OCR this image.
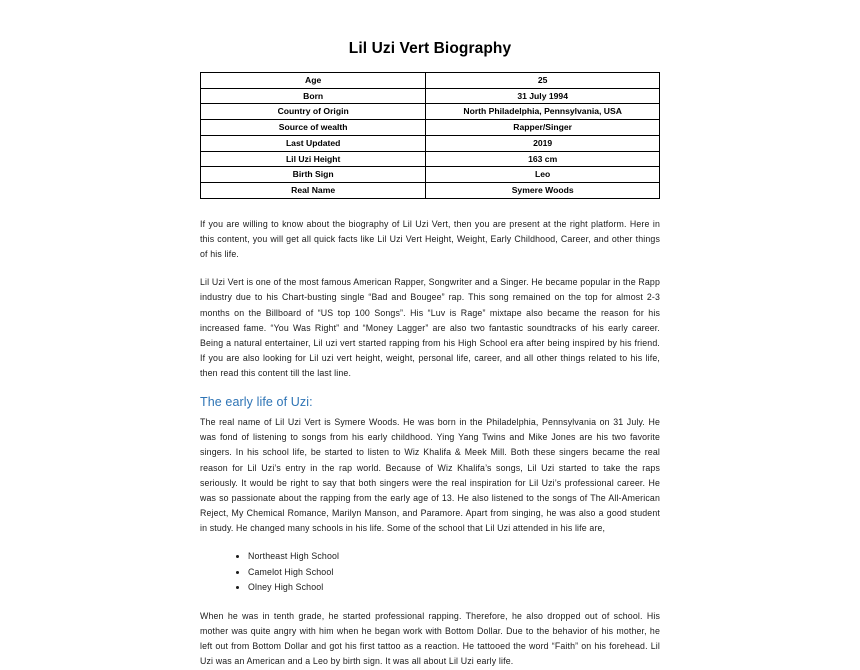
Lil Uzi Vert Biography
Age	25
Born	31 July 1994
Country of Origin	North Philadelphia, Pennsylvania, USA
Source of wealth	Rapper/Singer
Last Updated	2019
Lil Uzi Height	163 cm
Birth Sign	Leo
Real Name	Symere Woods

If you are willing to know about the biography of Lil Uzi Vert, then you are present at the right platform. Here in this content, you will get all quick facts like Lil Uzi Vert Height, Weight, Early Childhood, Career, and other things of his life.

Lil Uzi Vert is one of the most famous American Rapper, Songwriter and a Singer. He became popular in the Rapp industry due to his Chart-busting single “Bad and Bougee” rap. This song remained on the top for almost 2-3 months on the Billboard of “US top 100 Songs”. His “Luv is Rage” mixtape also became the reason for his increased fame. “You Was Right” and “Money Lagger” are also two fantastic soundtracks of his early career. Being a natural entertainer, Lil uzi vert started rapping from his High School era after being inspired by his friend. If you are also looking for Lil uzi vert height, weight, personal life, career, and all other things related to his life, then read this content till the last line.

The early life of Uzi:

The real name of Lil Uzi Vert is Symere Woods. He was born in the Philadelphia, Pennsylvania on 31 July. He was fond of listening to songs from his early childhood. Ying Yang Twins and Mike Jones are his two favorite singers. In his school life, be started to listen to Wiz Khalifa & Meek Mill. Both these singers became the real reason for Lil Uzi’s entry in the rap world. Because of Wiz Khalifa’s songs, Lil Uzi started to take the raps seriously. It would be right to say that both singers were the real inspiration for Lil Uzi’s professional career. He was so passionate about the rapping from the early age of 13. He also listened to the songs of The All-American Reject, My Chemical Romance, Marilyn Manson, and Paramore. Apart from singing, he was also a good student in study. He changed many schools in his life. Some of the school that Lil Uzi attended in his life are,

• Northeast High School
• Camelot High School
• Olney High School

When he was in tenth grade, he started professional rapping. Therefore, he also dropped out of school. His mother was quite angry with him when he began work with Bottom Dollar. Due to the behavior of his mother, he left out from Bottom Dollar and got his first tattoo as a reaction. He tattooed the word “Faith” on his forehead. Lil Uzi was an American and a Leo by birth sign. It was all about Lil Uzi early life.
